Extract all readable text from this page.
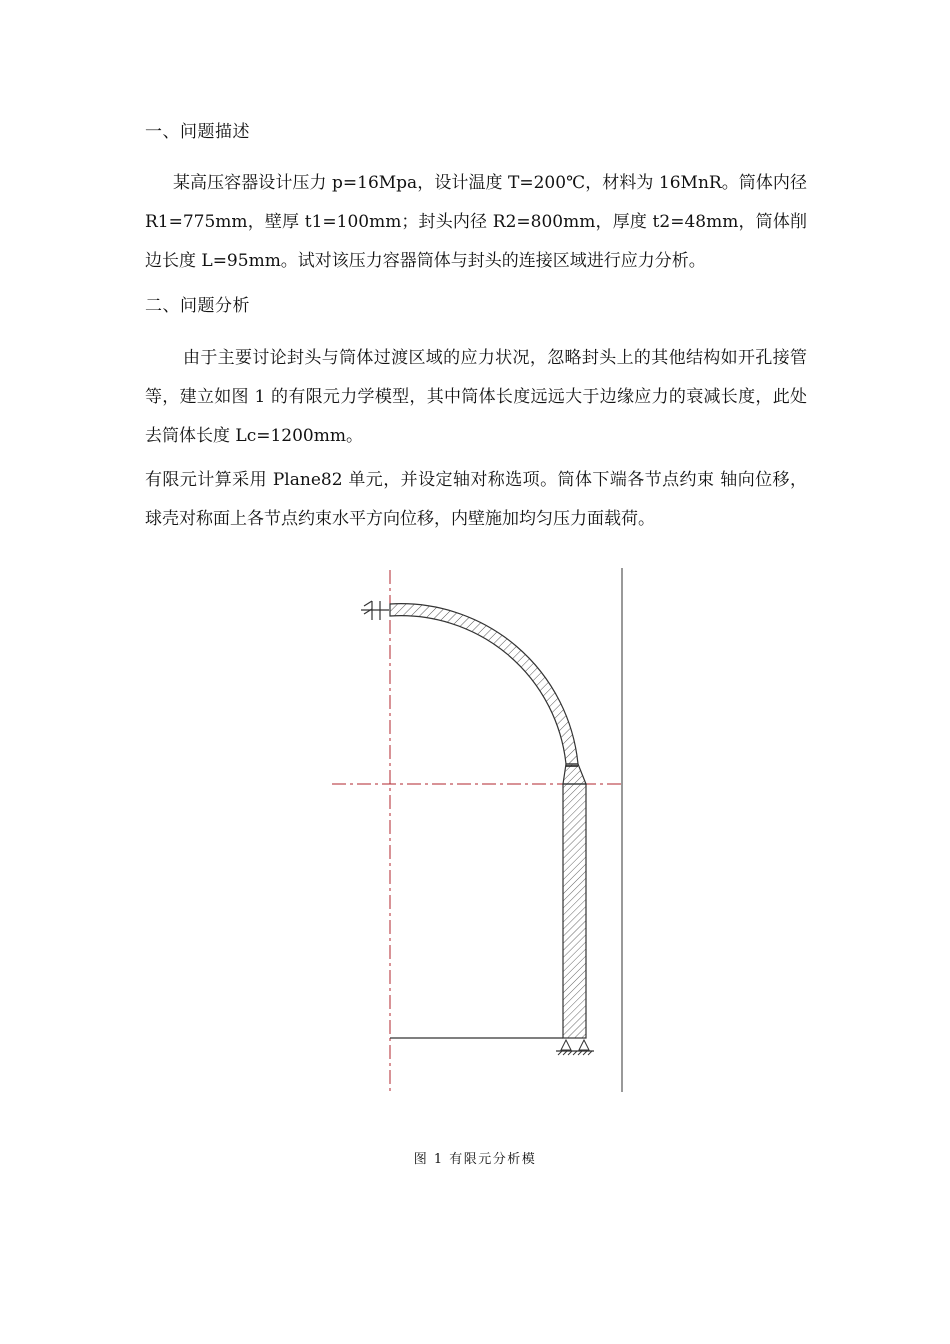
一、问题描述

某高压容器设计压力 p=16Mpa，设计温度 T=200℃，材料为 16MnR。筒体内径 R1=775mm，壁厚 t1=100mm；封头内径 R2=800mm，厚度 t2=48mm，筒体削边长度 L=95mm。试对该压力容器筒体与封头的连接区域进行应力分析。

二、问题分析

由于主要讨论封头与筒体过渡区域的应力状况，忽略封头上的其他结构如开孔接管等，建立如图 1 的有限元力学模型，其中筒体长度远远大于边缘应力的衰减长度，此处去筒体长度 Lc=1200mm。

有限元计算采用 Plane82 单元，并设定轴对称选项。筒体下端各节点约束 轴向位移，球壳对称面上各节点约束水平方向位移，内壁施加均匀压力面载荷。

图 1 有限元分析模
